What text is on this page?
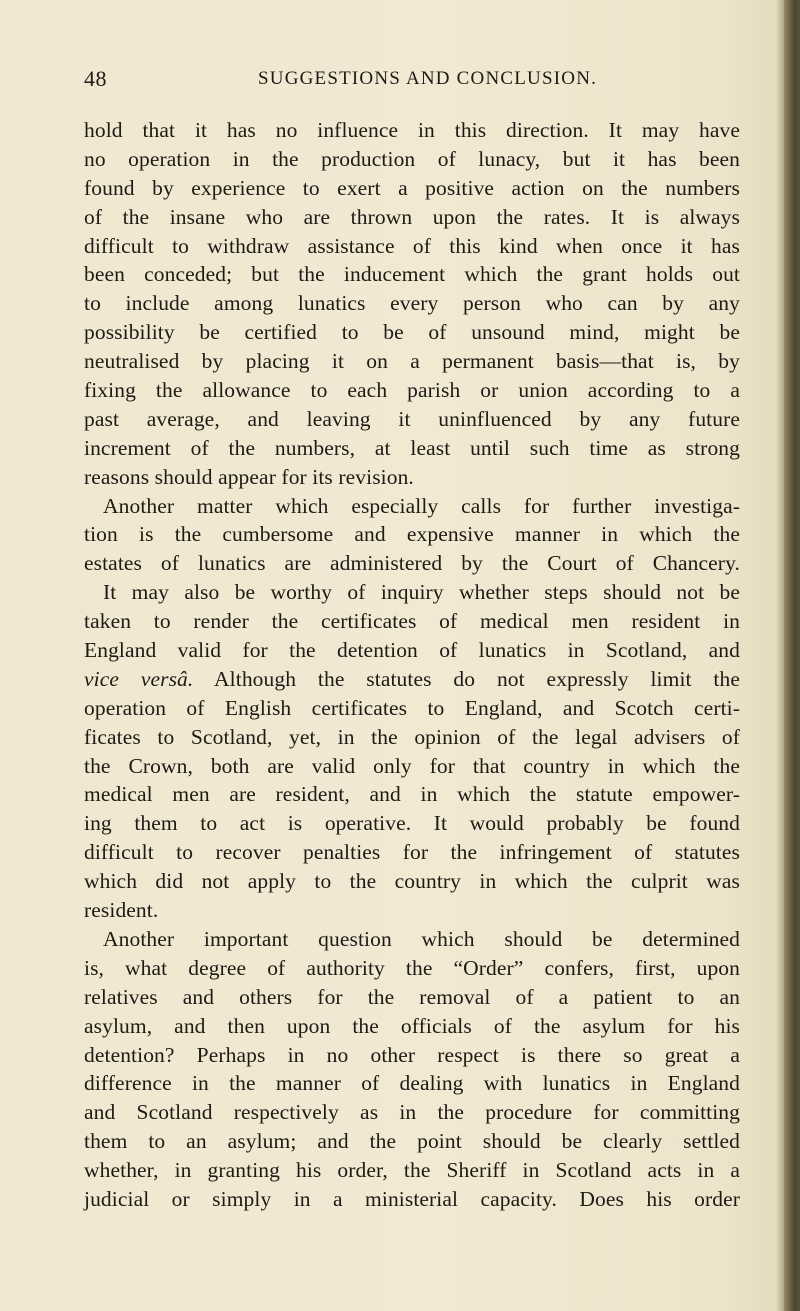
48	SUGGESTIONS AND CONCLUSION.
hold that it has no influence in this direction. It may have
no operation in the production of lunacy, but it has been
found by experience to exert a positive action on the numbers
of the insane who are thrown upon the rates. It is always
difficult to withdraw assistance of this kind when once it has
been conceded; but the inducement which the grant holds out
to include among lunatics every person who can by any
possibility be certified to be of unsound mind, might be
neutralised by placing it on a permanent basis—that is, by
fixing the allowance to each parish or union according to a
past average, and leaving it uninfluenced by any future
increment of the numbers, at least until such time as strong
reasons should appear for its revision.
Another matter which especially calls for further investiga-
tion is the cumbersome and expensive manner in which the
estates of lunatics are administered by the Court of Chancery.
It may also be worthy of inquiry whether steps should not be
taken to render the certificates of medical men resident in
England valid for the detention of lunatics in Scotland, and
vice versâ. Although the statutes do not expressly limit the
operation of English certificates to England, and Scotch certi-
ficates to Scotland, yet, in the opinion of the legal advisers of
the Crown, both are valid only for that country in which the
medical men are resident, and in which the statute empower-
ing them to act is operative. It would probably be found
difficult to recover penalties for the infringement of statutes
which did not apply to the country in which the culprit was
resident.
Another important question which should be determined
is, what degree of authority the “Order” confers, first, upon
relatives and others for the removal of a patient to an
asylum, and then upon the officials of the asylum for his
detention? Perhaps in no other respect is there so great a
difference in the manner of dealing with lunatics in England
and Scotland respectively as in the procedure for committing
them to an asylum; and the point should be clearly settled
whether, in granting his order, the Sheriff in Scotland acts in a
judicial or simply in a ministerial capacity. Does his order
